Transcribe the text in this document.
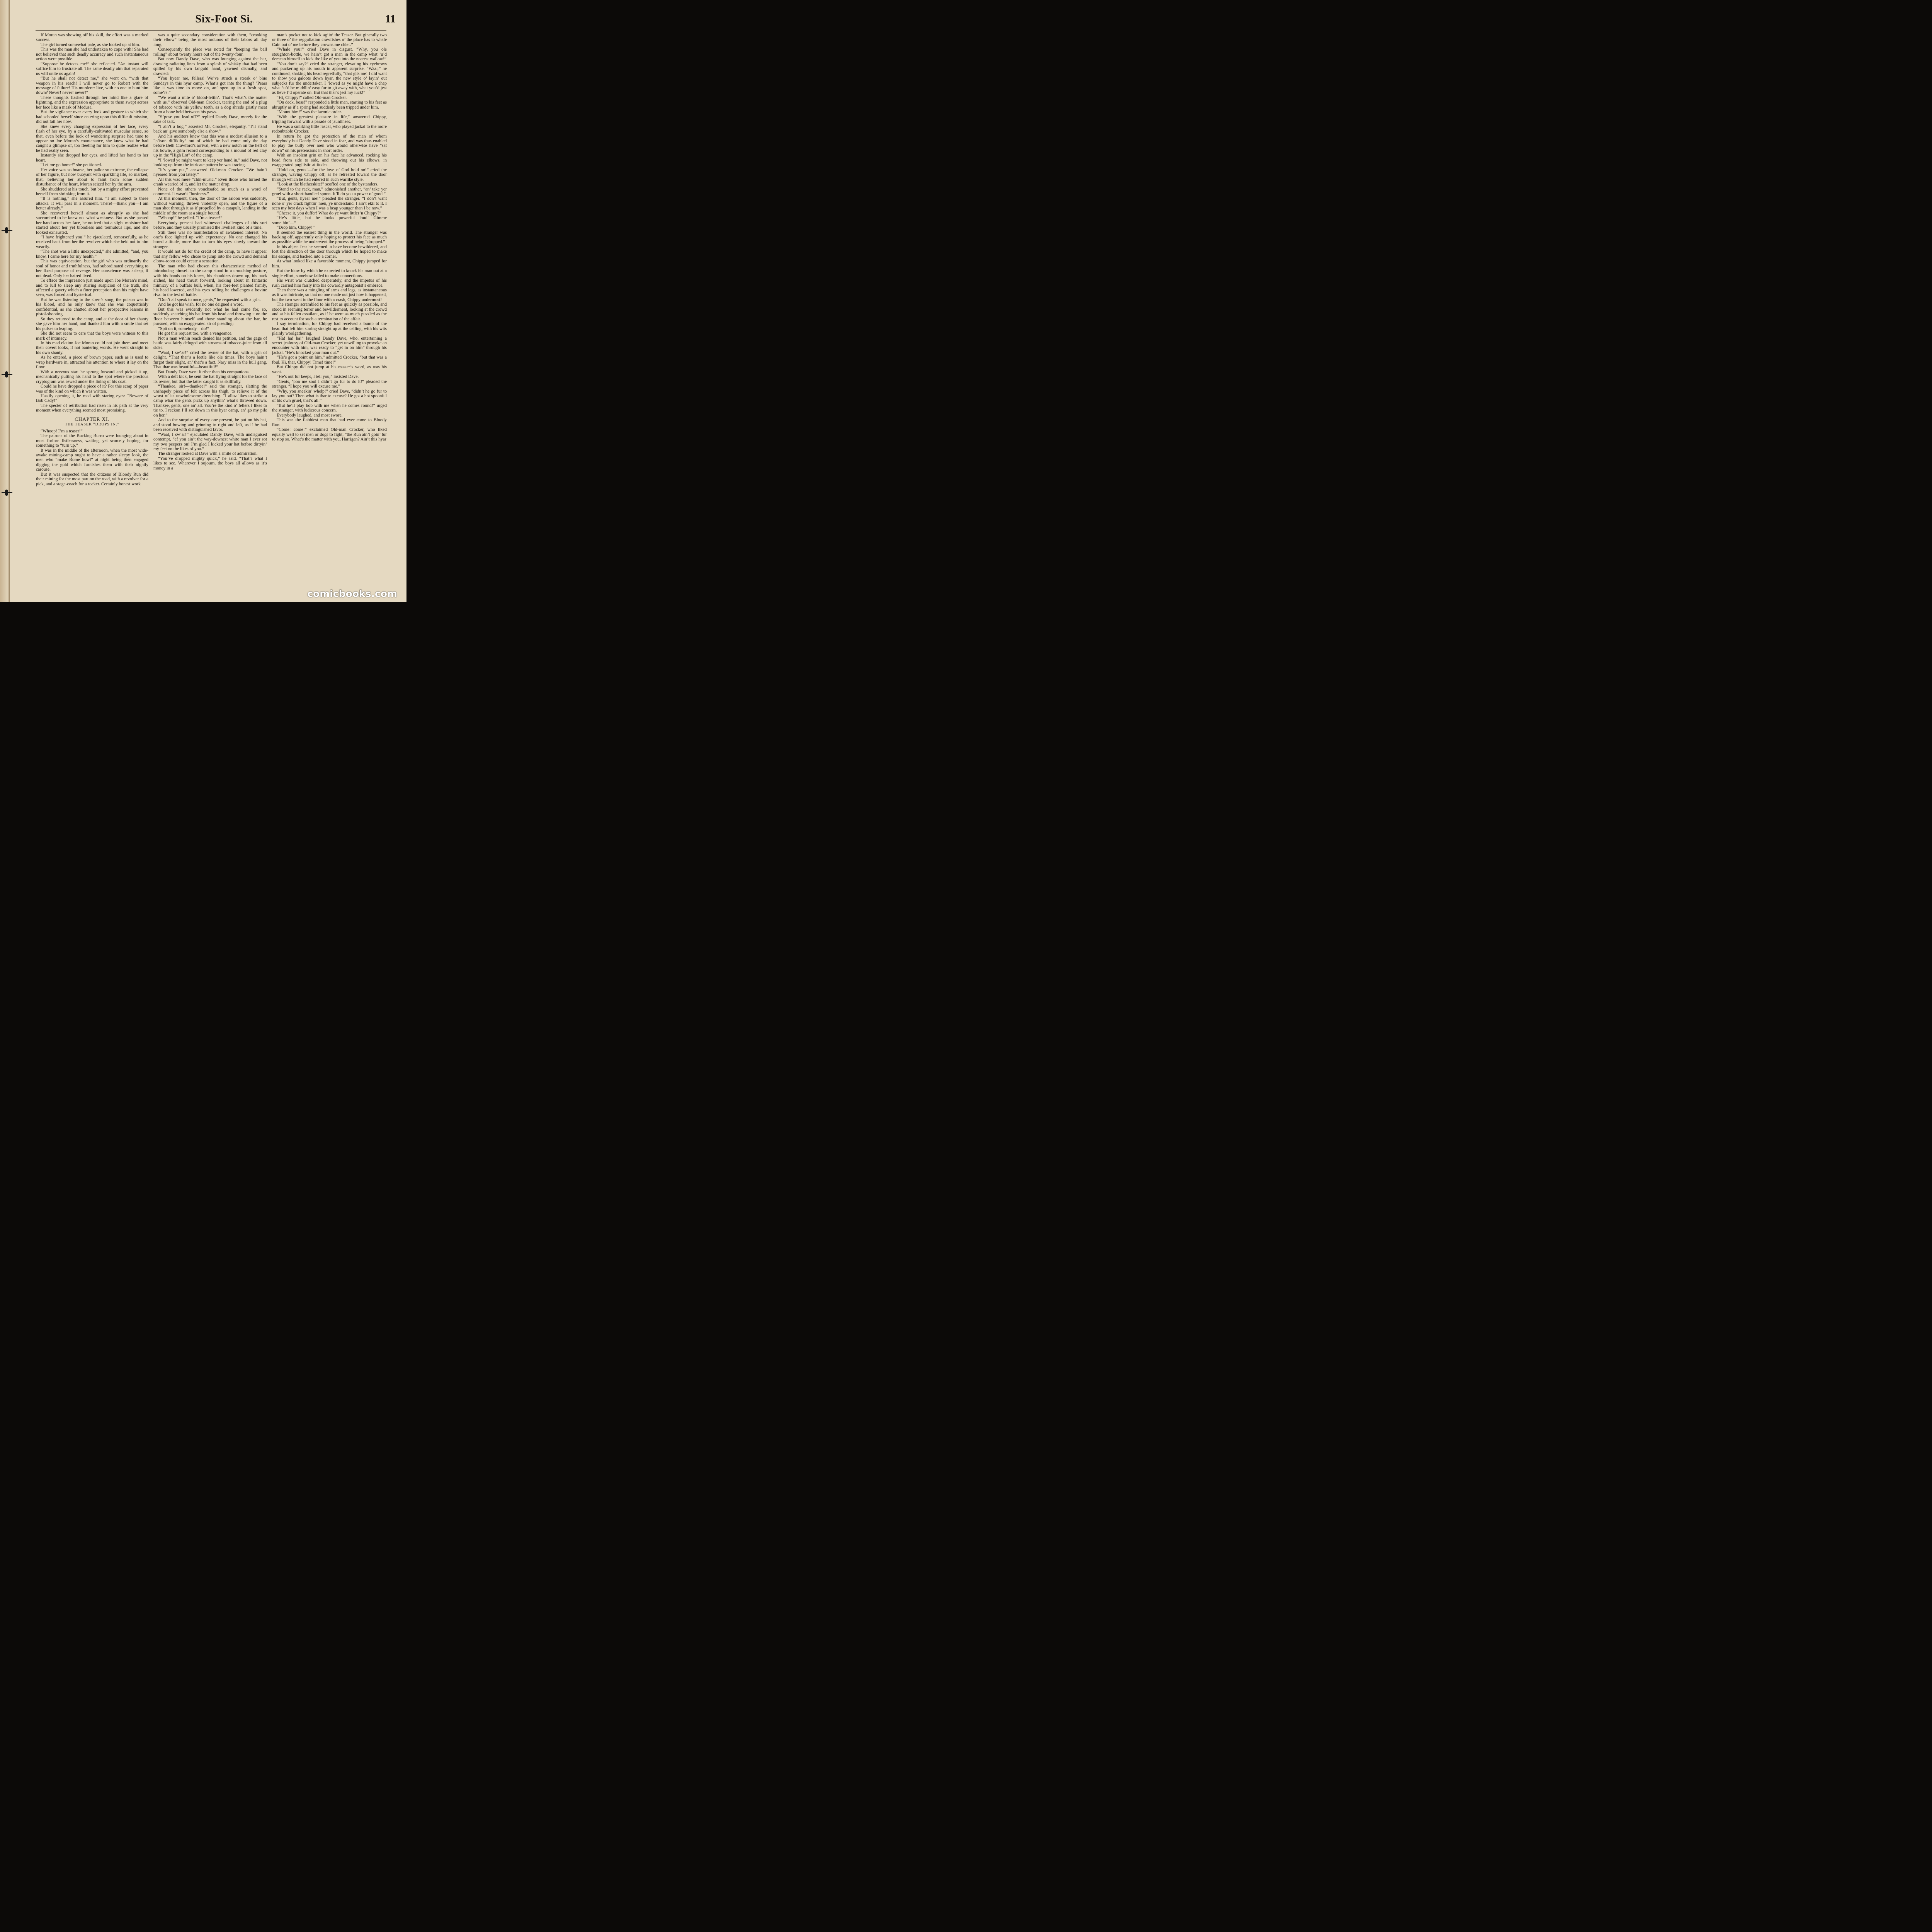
Six-Foot Si.	11

If Moran was showing off his skill, the effort was a marked success.

The girl turned somewhat pale, as she looked up at him.

This was the man she had undertaken to cope with! She had not believed that such deadly accuracy and such instantaneous action were possible.

“Suppose he detects me!” she reflected. “An instant will suffice him to frustrate all. The same deadly aim that separated us will unite us again!

“But he shall not detect me,” she went on, “with that weapon in his reach! I will never go to Robert with the message of failure! His murderer live, with no one to hunt him down? Never! never! never!”

These thoughts flashed through her mind like a glare of lightning, and the expression appropriate to them swept across her face like a mask of Medusa.

But the vigilance over every look and gesture to which she had schooled herself since entering upon this difficult mission, did not fail her now.

She knew every changing expression of her face, every flash of her eye, by a carefully-cultivated muscular sense, so that, even before the look of wondering surprise had time to appear on Joe Moran’s countenance, she knew what he had caught a glimpse of, too fleeting for him to quite realize what he had really seen.

Instantly she dropped her eyes, and lifted her hand to her heart.

“Let me go home!” she petitioned.

Her voice was so hoarse, her pallor so extreme, the collapse of her figure, but now buoyant with sparkling life, so marked, that, believing her about to faint from some sudden disturbance of the heart, Moran seized her by the arm.

She shuddered at his touch, but by a mighty effort prevented herself from shrinking from it.

“It is nothing,” she assured him. “I am subject to these attacks. It will pass in a moment. There!—thank you—I am better already.”

She recovered herself almost as abruptly as she had succumbed to he knew not what weakness. But as she passed her hand across her face, he noticed that a slight moisture had started about her yet bloodless and tremulous lips, and she looked exhausted.

“I have frightened you!” he ejaculated, remorsefully, as he received back from her the revolver which she held out to him wearily.

“The shot was a little unexpected,” she admitted, “and, you know, I came here for my health.”

This was equivocation, but the girl who was ordinarily the soul of honor and truthfulness, had subordinated everything to her fixed purpose of revenge. Her conscience was asleep, if not dead. Only her hatred lived.

To efface the impression just made upon Joe Moran’s mind, and to lull to sleep any stirring suspicion of the truth, she affected a gayety which a finer perception than his might have seen, was forced and hysterical.

But he was listening to the siren’s song, the poison was in his blood, and he only knew that she was coquettishly confidential, as she chatted about her prospective lessons in pistol-shooting.

So they returned to the camp, and at the door of her shanty she gave him her hand, and thanked him with a smile that set his pulses to leaping.

She did not seem to care that the boys were witness to this mark of intimacy.

In his mad elation Joe Moran could not join them and meet their covert looks, if not bantering words. He went straight to his own shanty.

As he entered, a piece of brown paper, such as is used to wrap hardware in, attracted his attention to where it lay on the floor.

With a nervous start he sprung forward and picked it up, mechanically putting his hand to the spot where the precious cryptogram was sewed under the lining of his coat.

Could he have dropped a piece of it? For this scrap of paper was of the kind on which it was written.

Hastily opening it, he read with staring eyes: “Beware of Bob Cady!”

The specter of retribution had risen in his path at the very moment when everything seemed most promising.

CHAPTER XI.
THE TEASER “DROPS IN.”

“Whoop! I’m a teaser!”

The patrons of the Bucking Burro were lounging about in most forlorn listlessness, waiting, yet scarcely hoping, for something to “turn up.”

It was in the middle of the afternoon, when the most wide-awake mining-camp ought to have a rather sleepy look, the men who “make Rome howl” at night being then engaged digging the gold which furnishes them with their nightly carouse.

But it was suspected that the citizens of Bloody Run did their mining for the most part on the road, with a revolver for a pick, and a stage-coach for a rocker. Certainly honest work

was a quite secondary consideration with them, “crooking their elbow” being the most arduous of their labors all day long.

Consequently the place was noted for “keeping the ball rolling” about twenty hours out of the twenty-four.

But now Dandy Dave, who was lounging against the bar, drawing radiating lines from a splash of whisky that had been spilled by his own languid hand, yawned dismally, and drawled:

“You hyear me, fellers! We’ve struck a streak o’ blue Sundays in this hyar camp. What’s got into the thing? ’Pears like it was time to move on, an’ open up in a fresh spot, some’rs.”

“We want a mite o’ blood-lettin’. That’s what’s the matter with us,” observed Old-man Crocker, tearing the end of a plug of tobacco with his yellow teeth, as a dog shreds gristly meat from a bone held between his paws.

“S’pose you lead off?” replied Dandy Dave, merely for the sake of talk.

“I ain’t a hog,” asserted Mr. Crocker, elegantly. “I’ll stand back an’ give somebody else a show.”

And his auditors knew that this was a modest allusion to a “p’ison diffikilty” out of which he had come only the day before Beth Crawford’s arrival, with a new notch on the heft of his bowie, a grim record corresponding to a mound of red clay up in the “High Lot” of the camp.

“I ’lowed ye might want to keep yer hand in,” said Dave, not looking up from the intricate pattern he was tracing.

“It’s your put,” answered Old-man Crocker. “We hain’t hyeared from you lately.”

All this was mere “chin-music.” Even those who turned the crank wearied of it, and let the matter drop.

None of the others vouchsafed so much as a word of comment. It wasn’t “business.”

At this moment, then, the door of the saloon was suddenly, without warning, thrown violently open, and the figure of a man shot through it as if propelled by a catapult, landing in the middle of the room at a single bound.

“Whoop!” he yelled. “I’m a teaser!”

Everybody present had witnessed challenges of this sort before, and they usually promised the liveliest kind of a time.

Still there was no manifestation of awakened interest. No one’s face lighted up with expectancy. No one changed his bored attitude, more than to turn his eyes slowly toward the stranger.

It would not do for the credit of the camp, to have it appear that any fellow who chose to jump into the crowd and demand elbow-room could create a sensation.

The man who had chosen this characteristic method of introducing himself to the camp stood in a crouching posture, with his hands on his knees, his shoulders drawn up, his back arched, his head thrust forward, looking about in fantastic mimicry of a buffalo bull, when, his fore-feet planted firmly, his head lowered, and his eyes rolling he challenges a bovine rival to the test of battle.

“Don’t all speak to once, gents,” he requested with a grin.

And he got his wish, for no one deigned a word.

But this was evidently not what he had come for, so, suddenly snatching his hat from his head and throwing it on the floor between himself and those standing about the bar, he pursued, with an exaggerated air of pleading:

“Spit on it, somebody—do!”

He got this request too, with a vengeance.

Not a man within reach denied his petition, and the gage of battle was fairly deluged with streams of tobacco-juice from all sides.

“Waal, I sw’ar!” cried the owner of the hat, with a grin of delight. “That thar’s a leetle like ole times. The boys hain’t furgot their slight, an’ that’s a fact. Nary miss in the hull gang. That thar was beautiful—beautiful!”

But Dandy Dave went further than his companions.

With a deft kick, he sent the hat flying straight for the face of its owner, but that the latter caught it as skillfully.

“Thankee, sir!—thankee!” said the stranger, slatting the unshapely piece of felt across his thigh, to relieve it of the worst of its unwholesome drenching. “I alluz likes to strike a camp whar the gents picks up anythin’ what’s throwed down. Thankee, gents, one an’ all. You’re the kind o’ fellers I likes to tie to. I reckon I’ll set down in this hyar camp, an’ go my pile on her.”

And to the surprise of every one present, he put on his hat, and stood bowing and grinning to right and left, as if he had been received with distinguished favor.

“Waal, I sw’ar!” ejaculated Dandy Dave, with undisguised contempt, “ef you ain’t the way-downest white man I ever sot my two peepers on! I’m glad I kicked your hat before dirtyin’ my feet on the likes of you.”

The stranger looked at Dave with a smile of admiration.

“You’ve dropped mighty quick,” he said. “That’s what I likes to see. Wharever I sojourn, the boys all allows as it’s money in a

man’s pocket not to kick ag’in’ the Teaser. But ginerally two or three o’ the reggullation crawfishes o’ the place has to whale Cain out o’ me before they crowns me chief.”

“Whale you!” cried Dave in disgust. “Why, you ole stoughton-bottle, we hain’t got a man in the camp what ’u’d demean himself to kick the like of you into the nearest wallow!”

“You don’t say?” cried the stranger, elevating his eyebrows and puckering up his mouth in apparent surprise. “Waal,” he continued, shaking his head regretfully, “that gits me! I did want to show you galoots down hyar, the new style o’ layin’ out subjecks fur the undertaker. I ’lowed as ye might have a chap what ’u’d be middlin’ easy fur to git away with, what you’d jest as lieve I’d operate on. But that thar’s jest my luck!”

“Hi, Chippy!” called Old-man Crocker.

“On deck, boss!” responded a little man, starting to his feet as abruptly as if a spring had suddenly been tripped under him.

“Mount him!” was the laconic order.

“With the greatest pleasure in life,” answered Chippy, tripping forward with a parade of jauntiness.

He was a smirking little rascal, who played jackal to the more redoubtable Crocker.

In return he got the protection of the man of whom everybody but Dandy Dave stood in fear, and was thus enabled to play the bully over men who would otherwise have “sat down” on his pretensions in short order.

With an insolent grin on his face he advanced, rocking his head from side to side, and throwing out his elbows, in exaggerated pugilistic attitudes.

“Hold on, gents!—fur the love o’ God hold on!” cried the stranger, waving Chippy off, as he retreated toward the door through which he had entered in such warlike style.

“Look at the blatherskite!” scoffed one of the bystanders.

“Stand to the rack, man,” admonished another, “an’ take yer gruel with a short-handled spoon. It’ll do you a power o’ good.”

“But, gents, hyear me!” pleaded the stranger. “I don’t want none o’ yer crack fightin’ men, ye understand. I ain’t ekil to it. I seen my best days when I was a heap younger than I be now.”

“Cheese it, you duffer! What do ye want littler’n Chippy?”

“He’s little, but he looks powerful loud! Gimme somethin’—”

“Drop him, Chippy!”

It seemed the easiest thing in the world. The stranger was backing off, apparently only hoping to protect his face as much as possible while he underwent the process of being “dropped.”

In his abject fear he seemed to have become bewildered, and lost the direction of the door through which he hoped to make his escape, and backed into a corner.

At what looked like a favorable moment, Chippy jumped for him.

But the blow by which he expected to knock his man out at a single effort, somehow failed to make connections.

His wrist was clutched desperately, and the impetus of his rush carried him fairly into his cowardly antagonist’s embrace.

Then there was a mingling of arms and legs, as instantaneous as it was intricate, so that no one made out just how it happened, but the two went to the floor with a crash, Chippy undermost!

The stranger scrambled to his feet as quickly as possible, and stood in seeming terror and bewilderment, looking at the crowd and at his fallen assailant, as if he were as much puzzled as the rest to account for such a termination of the affair.

I say termination, for Chippy had received a bump of the head that left him staring straight up at the ceiling, with his wits plainly woolgathering.

“Ha! ha! ha!” laughed Dandy Dave, who, entertaining a secret jealousy of Old-man Crocker, yet unwilling to provoke an encounter with him, was ready to “get in on him” through his jackal. “He’s knocked your man out.”

“He’s got a point on him,” admitted Crocker, “but that was a foul. Hi, thar, Chippy! Time! time!”

But Chippy did not jump at his master’s word, as was his wont.

“He’s out fur keeps, I tell you,” insisted Dave.

“Gents, ’pon me soul I didn’t go fur to do it!” pleaded the stranger. “I hope you will excuse me.”

“Why, you sneakin’ whelp!” cried Dave, “didn’t he go fur to lay you out? Then what is thar to excuse? He got a hot spoonful of his own gruel, that’s all.”

“But he’ll play hob with me when he comes round!” urged the stranger, with ludicrous concern.

Everybody laughed, and most swore.

This was the flabbiest man that had ever come to Bloody Run.

“Come! come!” exclaimed Old-man Crocker, who liked equally well to set men or dogs to fight, “the Run ain’t goin’ fur to stop so. What’s the matter with you, Harrigan? Ain’t this hyar

comicbooks.com
